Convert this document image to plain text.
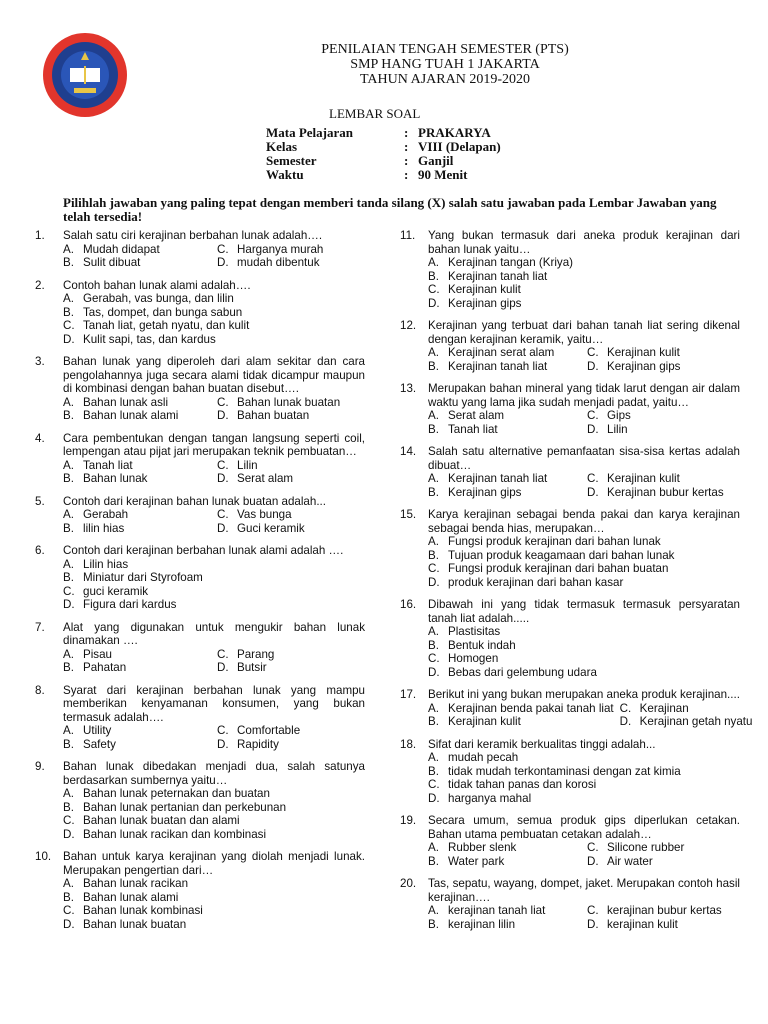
PENILAIAN TENGAH SEMESTER (PTS)
SMP HANG TUAH 1 JAKARTA
TAHUN AJARAN 2019-2020
LEMBAR SOAL
Mata Pelajaran	: PRAKARYA
Kelas	: VIII (Delapan)
Semester	: Ganjil
Waktu	: 90 Menit
Pilihlah jawaban yang paling tepat dengan memberi tanda silang (X) salah satu jawaban pada Lembar Jawaban yang telah tersedia!
1. Salah satu ciri kerajinan berbahan lunak adalah….
A. Mudah didapat	C. Harganya murah
B. Sulit dibuat	D. mudah dibentuk
2. Contoh bahan lunak alami adalah….
A. Gerabah, vas bunga, dan lilin
B. Tas, dompet, dan bunga sabun
C. Tanah liat, getah nyatu, dan kulit
D. Kulit sapi, tas, dan kardus
3. Bahan lunak yang diperoleh dari alam sekitar dan cara pengolahannya juga secara alami tidak dicampur maupun di kombinasi dengan bahan buatan disebut….
A. Bahan lunak asli	C. Bahan lunak buatan
B. Bahan lunak alami	D. Bahan buatan
4. Cara pembentukan dengan tangan langsung seperti coil, lempengan atau pijat jari merupakan teknik pembuatan…
A. Tanah liat	C. Lilin
B. Bahan lunak	D. Serat alam
5. Contoh dari kerajinan bahan lunak buatan adalah...
A. Gerabah	C. Vas bunga
B. lilin hias	D. Guci keramik
6. Contoh dari kerajinan berbahan lunak alami adalah ….
A. Lilin hias
B. Miniatur dari Styrofoam
C. guci keramik
D. Figura dari kardus
7. Alat yang digunakan untuk mengukir bahan lunak dinamakan ….
A. Pisau	C. Parang
B. Pahatan	D. Butsir
8. Syarat dari kerajinan berbahan lunak yang mampu memberikan kenyamanan konsumen, yang bukan termasuk adalah….
A. Utility	C. Comfortable
B. Safety	D. Rapidity
9. Bahan lunak dibedakan menjadi dua, salah satunya berdasarkan sumbernya yaitu…
A. Bahan lunak peternakan dan buatan
B. Bahan lunak pertanian dan perkebunan
C. Bahan lunak buatan dan alami
D. Bahan lunak racikan dan kombinasi
10. Bahan untuk karya kerajinan yang diolah menjadi lunak. Merupakan pengertian dari…
A. Bahan lunak racikan
B. Bahan lunak alami
C. Bahan lunak kombinasi
D. Bahan lunak buatan
11. Yang bukan termasuk dari aneka produk kerajinan dari bahan lunak yaitu…
A. Kerajinan tangan (Kriya)
B. Kerajinan tanah liat
C. Kerajinan kulit
D. Kerajinan gips
12. Kerajinan yang terbuat dari bahan tanah liat sering dikenal dengan kerajinan keramik, yaitu…
A. Kerajinan serat alam	C. Kerajinan kulit
B. Kerajinan tanah liat	D. Kerajinan gips
13. Merupakan bahan mineral yang tidak larut dengan air dalam waktu yang lama jika sudah menjadi padat, yaitu…
A. Serat alam	C. Gips
B. Tanah liat	D. Lilin
14. Salah satu alternative pemanfaatan sisa-sisa kertas adalah dibuat…
A. Kerajinan tanah liat	C. Kerajinan kulit
B. Kerajinan gips	D. Kerajinan bubur kertas
15. Karya kerajinan sebagai benda pakai dan karya kerajinan sebagai benda hias, merupakan…
A. Fungsi produk kerajinan dari bahan lunak
B. Tujuan produk keagamaan dari bahan lunak
C. Fungsi produk kerajinan dari bahan buatan
D. produk kerajinan dari bahan kasar
16. Dibawah ini yang tidak termasuk termasuk persyaratan tanah liat adalah.....
A. Plastisitas
B. Bentuk indah
C. Homogen
D. Bebas dari gelembung udara
17. Berikut ini yang bukan merupakan aneka produk kerajinan....
A. Kerajinan benda pakai tanah liat C. Kerajinan
B. Kerajinan kulit	D. Kerajinan getah nyatu
18. Sifat dari keramik berkualitas tinggi adalah...
A. mudah pecah
B. tidak mudah terkontaminasi dengan zat kimia
C. tidak tahan panas dan korosi
D. harganya mahal
19. Secara umum, semua produk gips diperlukan cetakan. Bahan utama pembuatan cetakan adalah…
A. Rubber slenk	C. Silicone rubber
B. Water park	D. Air water
20. Tas, sepatu, wayang, dompet, jaket. Merupakan contoh hasil kerajinan….
A. kerajinan tanah liat	C. kerajinan bubur kertas
B. kerajinan lilin	D. kerajinan kulit
